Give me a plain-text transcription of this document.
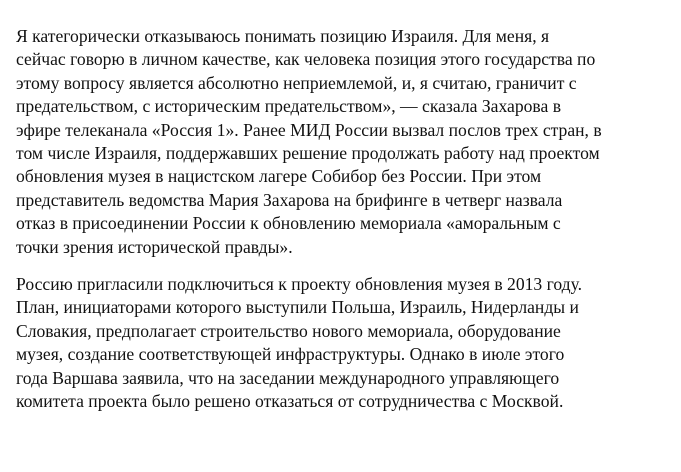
Я категорически отказываюсь понимать позицию Израиля. Для меня, я
сейчас говорю в личном качестве, как человека позиция этого государства по
этому вопросу является абсолютно неприемлемой, и, я считаю, граничит с
предательством, с историческим предательством», — сказала Захарова в
эфире телеканала «Россия 1». Ранее МИД России вызвал послов трех стран, в
том числе Израиля, поддержавших решение продолжать работу над проектом
обновления музея в нацистском лагере Собибор без России. При этом
представитель ведомства Мария Захарова на брифинге в четверг назвала
отказ в присоединении России к обновлению мемориала «аморальным с
точки зрения исторической правды».

Россию пригласили подключиться к проекту обновления музея в 2013 году.
План, инициаторами которого выступили Польша, Израиль, Нидерланды и
Словакия, предполагает строительство нового мемориала, оборудование
музея, создание соответствующей инфраструктуры. Однако в июле этого
года Варшава заявила, что на заседании международного управляющего
комитета проекта было решено отказаться от сотрудничества с Москвой.
